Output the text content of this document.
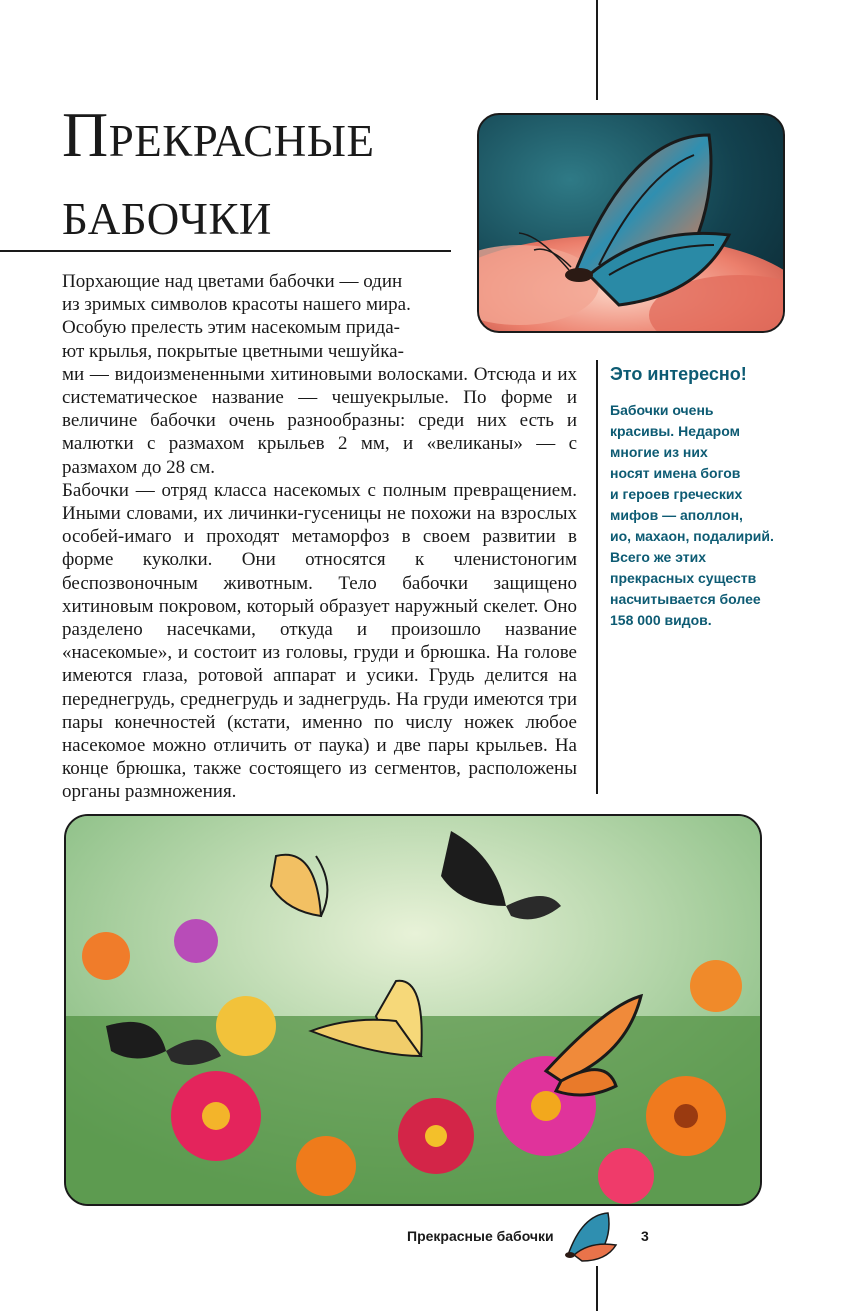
Прекрасные
бабочки

Порхающие над цветами бабочки — один

из зримых символов красоты нашего мира.

Особую прелесть этим насекомым прида-

ют крылья, покрытые цветными чешуйка-

ми — видоизмененными хитиновыми волосками. Отсюда и их систематическое название — чешуекрылые. По форме и величине бабочки очень разнообразны: среди них есть и малютки с размахом крыльев 2 мм, и «великаны» — с размахом до 28 см.

Бабочки — отряд класса насекомых с полным превращением. Иными словами, их личинки-гусеницы не похожи на взрослых особей-имаго и проходят метаморфоз в своем развитии в форме куколки. Они относятся к членистоногим беспозвоночным животным. Тело бабочки защищено хитиновым покровом, который образует наружный скелет. Оно разделено насечками, откуда и произошло название «насекомые», и состоит из головы, груди и брюшка. На голове имеются глаза, ротовой аппарат и усики. Грудь делится на переднегрудь, среднегрудь и заднегрудь. На груди имеются три пары конечностей (кстати, именно по числу ножек любое насекомое можно отличить от паука) и две пары крыльев. На конце брюшка, также состоящего из сегментов, расположены органы размножения.

Это интересно!
Бабочки очень
красивы. Недаром
многие из них
носят имена богов
и героев греческих
мифов — аполлон,
ио, махаон, подалирий.
Всего же этих
прекрасных существ
насчитывается более
158 000 видов.
Прекрасные бабочки	3
